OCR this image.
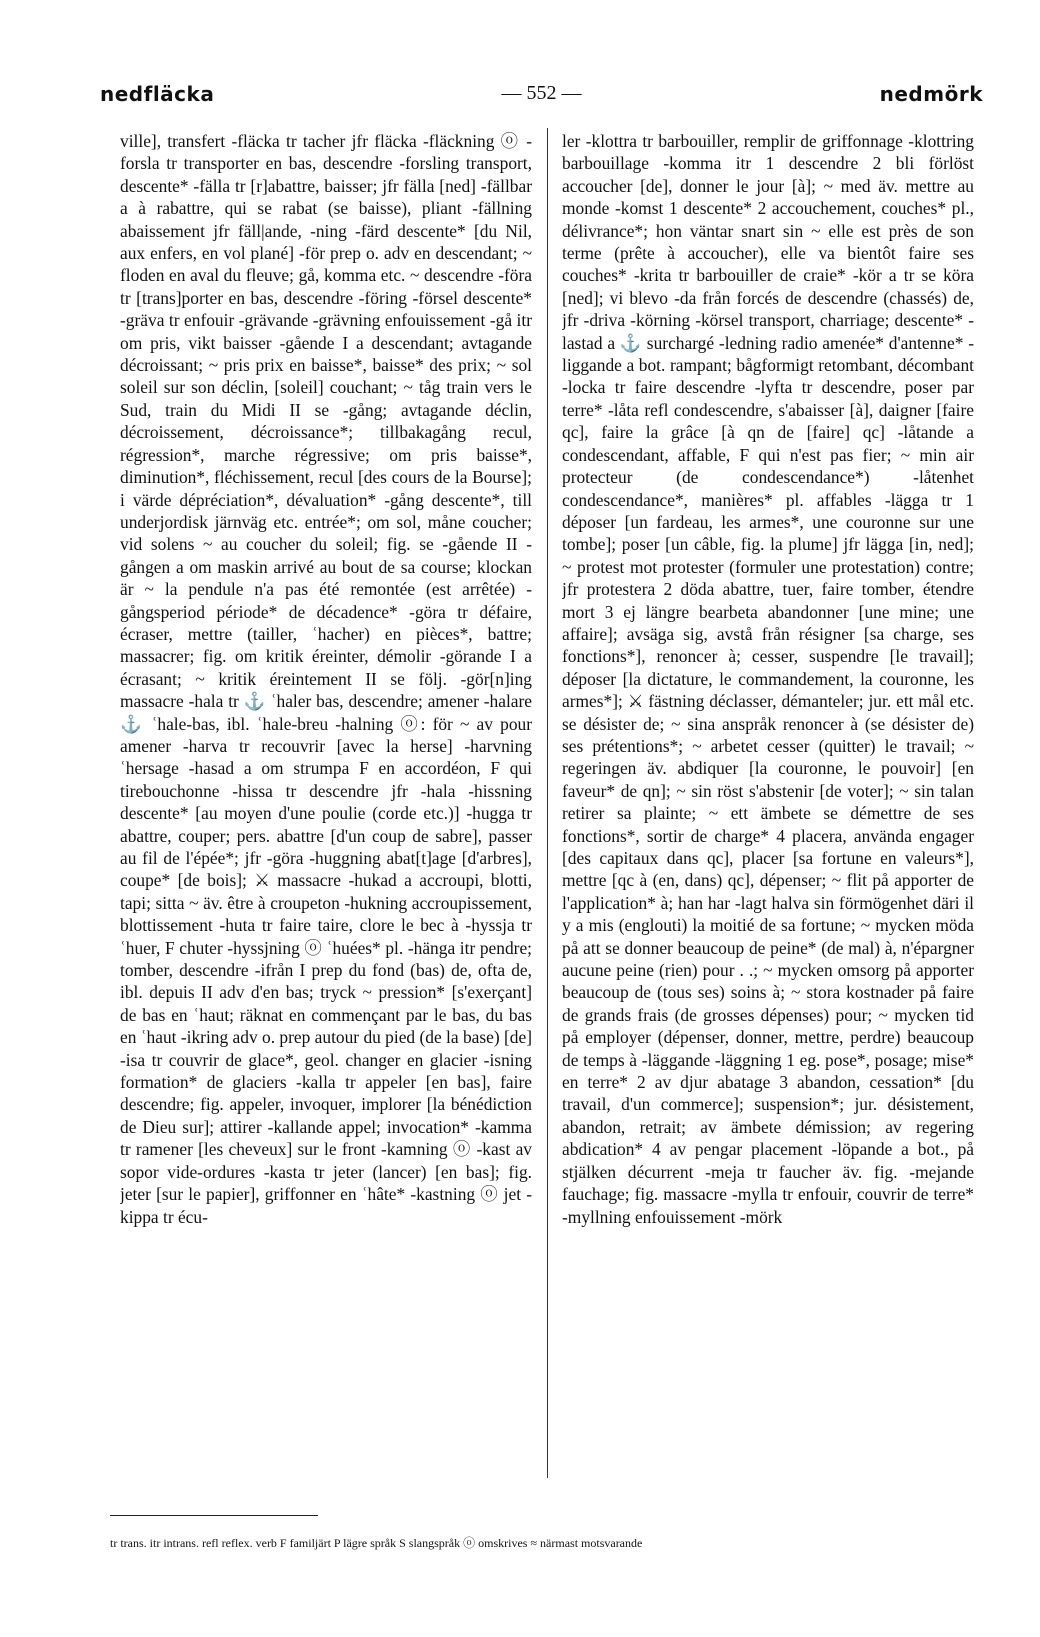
nedfläcka	— 552 —	nedmörk
ville], transfert -fläcka tr tacher jfr fläcka -fläckning ⓞ -forsla tr transporter en bas, descendre -forsling transport, descente* -fälla tr [r]abattre, baisser; jfr fälla [ned] -fällbar a à rabattre, qui se rabat (se baisse), pliant -fällning abaissement jfr fäll|ande, -ning -färd descente* [du Nil, aux enfers, en vol plané] -för prep o. adv en descendant; ~ floden en aval du fleuve; gå, komma etc. ~ descendre -föra tr [trans]porter en bas, descendre -föring -försel descente* -gräva tr enfouir -grävande -grävning enfouissement -gå itr om pris, vikt baisser -gående I a descendant; avtagande décroissant; ~ pris prix en baisse*, baisse* des prix; ~ sol soleil sur son déclin, [soleil] couchant; ~ tåg train vers le Sud, train du Midi II se -gång; avtagande déclin, décroissement, décroissance*; tillbakagång recul, régression*, marche régressive; om pris baisse*, diminution*, fléchissement, recul [des cours de la Bourse]; i värde dépréciation*, dévaluation* -gång descente*, till underjordisk järnväg etc. entrée*; om sol, måne coucher; vid solens ~ au coucher du soleil; fig. se -gående II -gången a om maskin arrivé au bout de sa course; klockan är ~ la pendule n'a pas été remontée (est arrêtée) -gångsperiod période* de décadence* -göra tr défaire, écraser, mettre (tailler, ʿhacher) en pièces*, battre; massacrer; fig. om kritik éreinter, démolir -görande I a écrasant; ~ kritik éreintement II se följ. -gör[n]ing massacre -hala tr ⚓ ʿhaler bas, descendre; amener -halare ⚓ ʿhale-bas, ibl. ʿhale-breu -halning ⓞ: för ~ av pour amener -harva tr recouvrir [avec la herse] -harvning ʿhersage -hasad a om strumpa F en accordéon, F qui tirebouchonne -hissa tr descendre jfr -hala -hissning descente* [au moyen d'une poulie (corde etc.)] -hugga tr abattre, couper; pers. abattre [d'un coup de sabre], passer au fil de l'épée*; jfr -göra -huggning abat[t]age [d'arbres], coupe* [de bois]; ⚔ massacre -hukad a accroupi, blotti, tapi; sitta ~ äv. être à croupeton -hukning accroupissement, blottissement -huta tr faire taire, clore le bec à -hyssja tr ʿhuer, F chuter -hyssjning ⓞ ʿhuées* pl. -hänga itr pendre; tomber, descendre -ifrån I prep du fond (bas) de, ofta de, ibl. depuis II adv d'en bas; tryck ~ pression* [s'exerçant] de bas en ʿhaut; räknat en commençant par le bas, du bas en ʿhaut -ikring adv o. prep autour du pied (de la base) [de] -isa tr couvrir de glace*, geol. changer en glacier -isning formation* de glaciers -kalla tr appeler [en bas], faire descendre; fig. appeler, invoquer, implorer [la bénédiction de Dieu sur]; attirer -kallande appel; invocation* -kamma tr ramener [les cheveux] sur le front -kamning ⓞ -kast av sopor vide-ordures -kasta tr jeter (lancer) [en bas]; fig. jeter [sur le papier], griffonner en ʿhâte* -kastning ⓞ jet -kippa tr écu-
ler -klottra tr barbouiller, remplir de griffonnage -klottring barbouillage -komma itr 1 descendre 2 bli förlöst accoucher [de], donner le jour [à]; ~ med äv. mettre au monde -komst 1 descente* 2 accouchement, couches* pl., délivrance*; hon väntar snart sin ~ elle est près de son terme (prête à accoucher), elle va bientôt faire ses couches* -krita tr barbouiller de craie* -kör a tr se köra [ned]; vi blevo -da från forcés de descendre (chassés) de, jfr -driva -körning -körsel transport, charriage; descente* -lastad a ⚓ surchargé -ledning radio amenée* d'antenne* -liggande a bot. rampant; bågformigt retombant, décombant -locka tr faire descendre -lyfta tr descendre, poser par terre* -låta refl condescendre, s'abaisser [à], daigner [faire qc], faire la grâce [à qn de [faire] qc] -låtande a condescendant, affable, F qui n'est pas fier; ~ min air protecteur (de condescendance*) -låtenhet condescendance*, manières* pl. affables -lägga tr 1 déposer [un fardeau, les armes*, une couronne sur une tombe]; poser [un câble, fig. la plume] jfr lägga [in, ned]; ~ protest mot protester (formuler une protestation) contre; jfr protestera 2 döda abattre, tuer, faire tomber, étendre mort 3 ej längre bearbeta abandonner [une mine; une affaire]; avsäga sig, avstå från résigner [sa charge, ses fonctions*], renoncer à; cesser, suspendre [le travail]; déposer [la dictature, le commandement, la couronne, les armes*]; ⚔ fästning déclasser, démanteler; jur. ett mål etc. se désister de; ~ sina anspråk renoncer à (se désister de) ses prétentions*; ~ arbetet cesser (quitter) le travail; ~ regeringen äv. abdiquer [la couronne, le pouvoir] [en faveur* de qn]; ~ sin röst s'abstenir [de voter]; ~ sin talan retirer sa plainte; ~ ett ämbete se démettre de ses fonctions*, sortir de charge* 4 placera, använda engager [des capitaux dans qc], placer [sa fortune en valeurs*], mettre [qc à (en, dans) qc], dépenser; ~ flit på apporter de l'application* à; han har -lagt halva sin förmögenhet däri il y a mis (englouti) la moitié de sa fortune; ~ mycken möda på att se donner beaucoup de peine* (de mal) à, n'épargner aucune peine (rien) pour . .; ~ mycken omsorg på apporter beaucoup de (tous ses) soins à; ~ stora kostnader på faire de grands frais (de grosses dépenses) pour; ~ mycken tid på employer (dépenser, donner, mettre, perdre) beaucoup de temps à -läggande -läggning 1 eg. pose*, posage; mise* en terre* 2 av djur abatage 3 abandon, cessation* [du travail, d'un commerce]; suspension*; jur. désistement, abandon, retrait; av ämbete démission; av regering abdication* 4 av pengar placement -löpande a bot., på stjälken décurrent -meja tr faucher äv. fig. -mejande fauchage; fig. massacre -mylla tr enfouir, couvrir de terre* -myllning enfouissement -mörk
tr trans. itr intrans. refl reflex. verb F familjärt P lägre språk S slangspråk ⓞ omskrives ≈ närmast motsvarande
